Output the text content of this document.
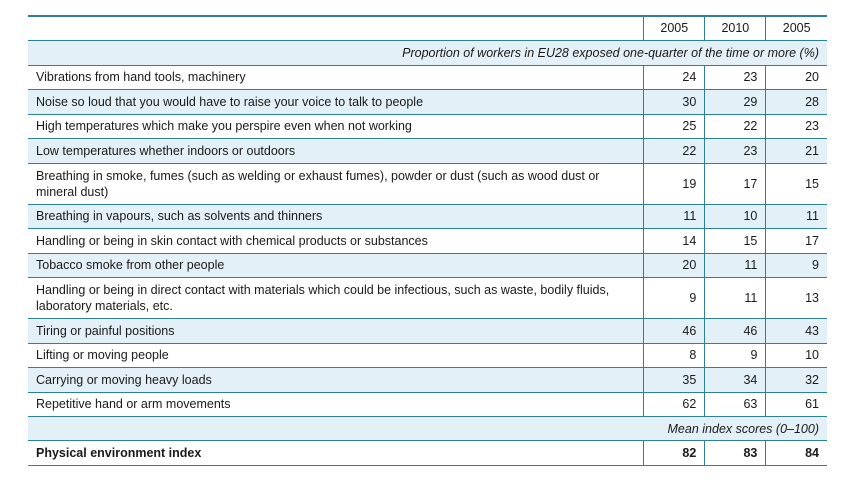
	2005	2010	2005
Proportion of workers in EU28 exposed one-quarter of the time or more (%)			
Vibrations from hand tools, machinery	24	23	20
Noise so loud that you would have to raise your voice to talk to people	30	29	28
High temperatures which make you perspire even when not working	25	22	23
Low temperatures whether indoors or outdoors	22	23	21
Breathing in smoke, fumes (such as welding or exhaust fumes), powder or dust (such as wood dust or mineral dust)	19	17	15
Breathing in vapours, such as solvents and thinners	11	10	11
Handling or being in skin contact with chemical products or substances	14	15	17
Tobacco smoke from other people	20	11	9
Handling or being in direct contact with materials which could be infectious, such as waste, bodily fluids, laboratory materials, etc.	9	11	13
Tiring or painful positions	46	46	43
Lifting or moving people	8	9	10
Carrying or moving heavy loads	35	34	32
Repetitive hand or arm movements	62	63	61
Mean index scores (0–100)			
Physical environment index	82	83	84
